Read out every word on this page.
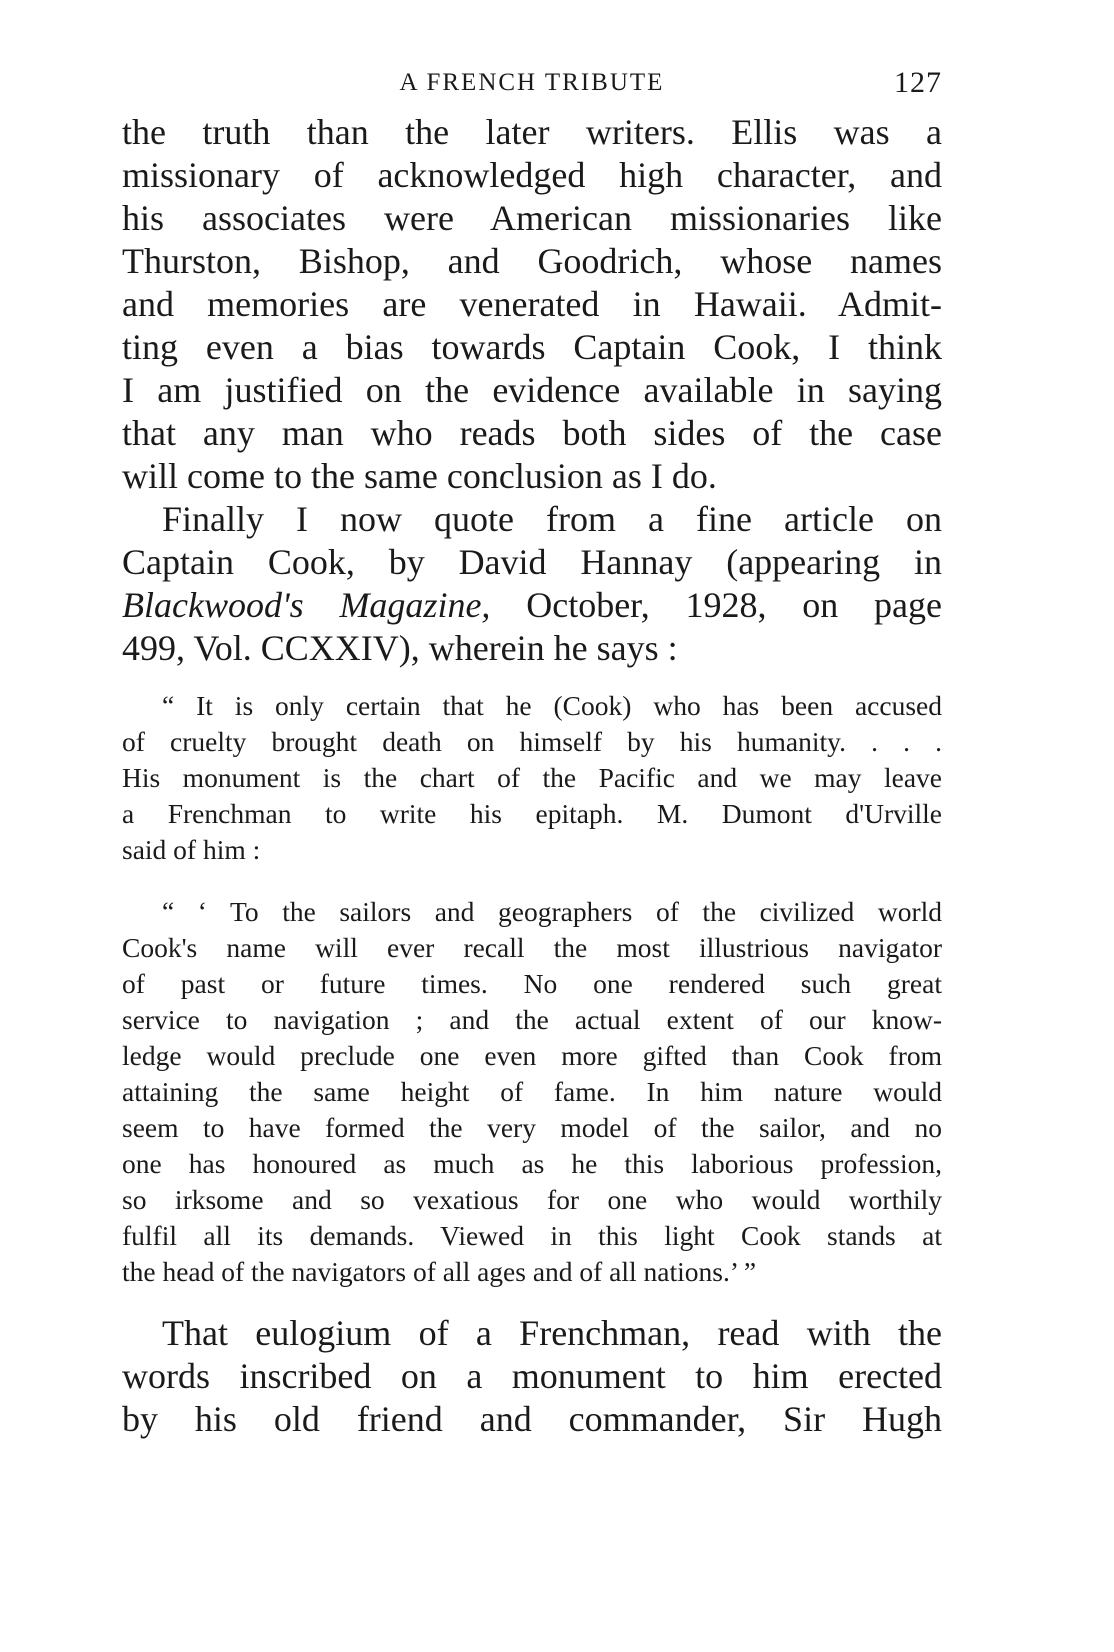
A FRENCH TRIBUTE	127
the truth than the later writers. Ellis was a
missionary of acknowledged high character, and
his associates were American missionaries like
Thurston, Bishop, and Goodrich, whose names
and memories are venerated in Hawaii. Admit-
ting even a bias towards Captain Cook, I think
I am justified on the evidence available in saying
that any man who reads both sides of the case
will come to the same conclusion as I do.
Finally I now quote from a fine article on
Captain Cook, by David Hannay (appearing in
Blackwood's Magazine, October, 1928, on page
499, Vol. CCXXIV), wherein he says :
“ It is only certain that he (Cook) who has been accused
of cruelty brought death on himself by his humanity. . . .
His monument is the chart of the Pacific and we may leave
a Frenchman to write his epitaph. M. Dumont d'Urville
said of him :
“ ‘ To the sailors and geographers of the civilized world
Cook's name will ever recall the most illustrious navigator
of past or future times. No one rendered such great
service to navigation ; and the actual extent of our know-
ledge would preclude one even more gifted than Cook from
attaining the same height of fame. In him nature would
seem to have formed the very model of the sailor, and no
one has honoured as much as he this laborious profession,
so irksome and so vexatious for one who would worthily
fulfil all its demands. Viewed in this light Cook stands at
the head of the navigators of all ages and of all nations.’ ”
That eulogium of a Frenchman, read with the
words inscribed on a monument to him erected
by his old friend and commander, Sir Hugh
